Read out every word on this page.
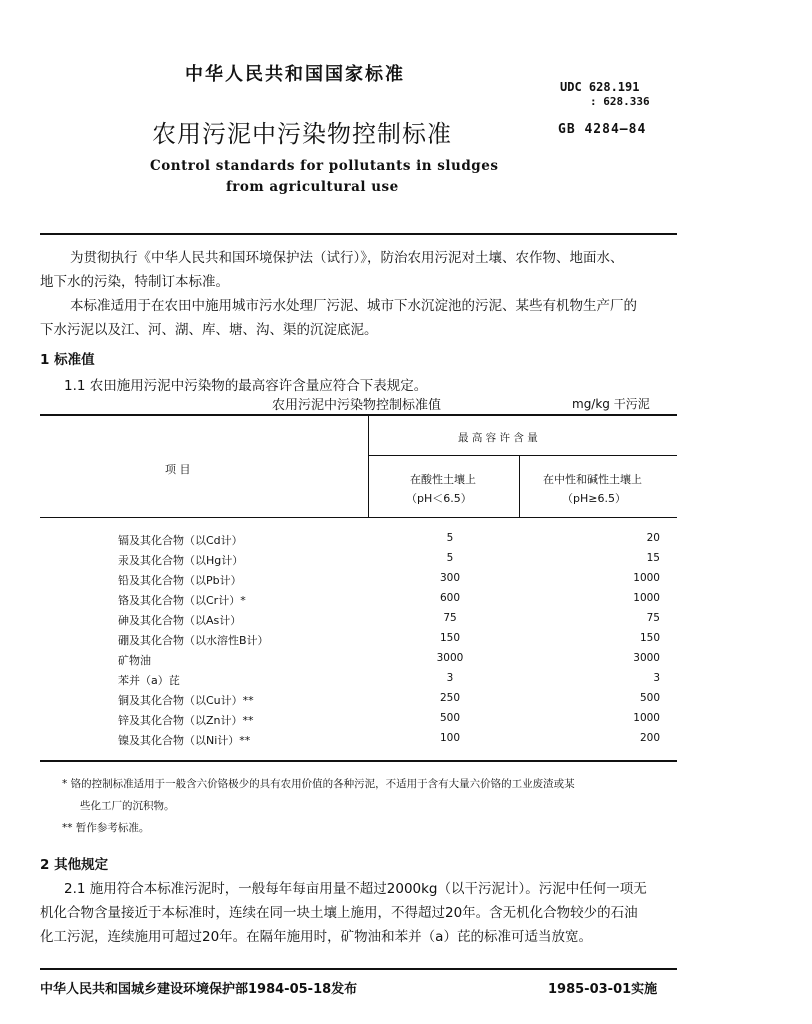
中华人民共和国国家标准
UDC 628.191
: 628.336
农用污泥中污染物控制标准	GB 4284—84
Control standards for pollutants in sludges
from agricultural use
为贯彻执行《中华人民共和国环境保护法（试行）》，防治农用污泥对土壤、农作物、地面水、
地下水的污染，特制订本标准。
本标准适用于在农田中施用城市污水处理厂污泥、城市下水沉淀池的污泥、某些有机物生产厂的
下水污泥以及江、河、湖、库、塘、沟、渠的沉淀底泥。
1 标准值
1.1 农田施用污泥中污染物的最高容许含量应符合下表规定。
农用污泥中污染物控制标准值	mg/kg 干污泥
项 目
最 高 容 许 含 量
在酸性土壤上
（pH＜6.5）
在中性和碱性土壤上
（pH≥6.5）
镉及其化合物（以Cd计）	5	20
汞及其化合物（以Hg计）	5	15
铅及其化合物（以Pb计）	300	1000
铬及其化合物（以Cr计）*	600	1000
砷及其化合物（以As计）	75	75
硼及其化合物（以水溶性B计）	150	150
矿物油	3000	3000
苯并（a）芘	3	3
铜及其化合物（以Cu计）**	250	500
锌及其化合物（以Zn计）**	500	1000
镍及其化合物（以Ni计）**	100	200
* 铬的控制标准适用于一般含六价铬极少的具有农用价值的各种污泥，不适用于含有大量六价铬的工业废渣或某
些化工厂的沉积物。
** 暂作参考标准。
2 其他规定
2.1 施用符合本标准污泥时，一般每年每亩用量不超过2000kg（以干污泥计）。污泥中任何一项无
机化合物含量接近于本标准时，连续在同一块土壤上施用，不得超过20年。含无机化合物较少的石油
化工污泥，连续施用可超过20年。在隔年施用时，矿物油和苯并（a）芘的标准可适当放宽。
中华人民共和国城乡建设环境保护部1984-05-18发布	1985-03-01实施
